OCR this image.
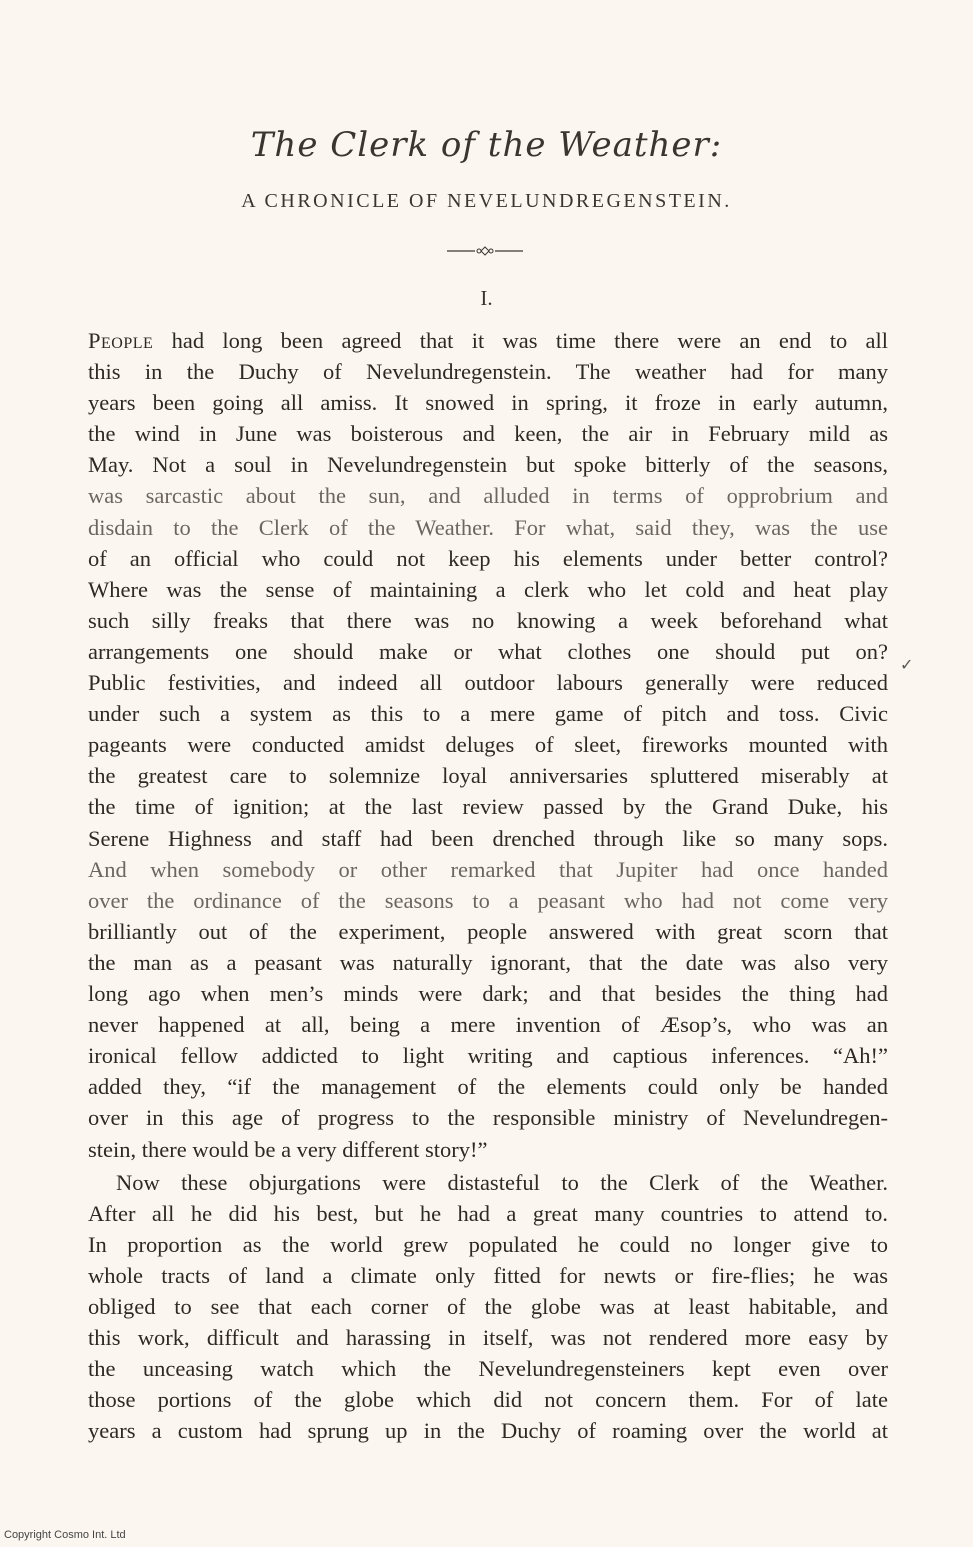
The Clerk of the Weather:
A CHRONICLE OF NEVELUNDREGENSTEIN.
I.
People had long been agreed that it was time there were an end to all
this in the Duchy of Nevelundregenstein. The weather had for many
years been going all amiss. It snowed in spring, it froze in early autumn,
the wind in June was boisterous and keen, the air in February mild as
May. Not a soul in Nevelundregenstein but spoke bitterly of the seasons,
was sarcastic about the sun, and alluded in terms of opprobrium and
disdain to the Clerk of the Weather. For what, said they, was the use
of an official who could not keep his elements under better control?
Where was the sense of maintaining a clerk who let cold and heat play
such silly freaks that there was no knowing a week beforehand what
arrangements one should make or what clothes one should put on?
Public festivities, and indeed all outdoor labours generally were reduced
under such a system as this to a mere game of pitch and toss. Civic
pageants were conducted amidst deluges of sleet, fireworks mounted with
the greatest care to solemnize loyal anniversaries spluttered miserably at
the time of ignition; at the last review passed by the Grand Duke, his
Serene Highness and staff had been drenched through like so many sops.
And when somebody or other remarked that Jupiter had once handed
over the ordinance of the seasons to a peasant who had not come very
brilliantly out of the experiment, people answered with great scorn that
the man as a peasant was naturally ignorant, that the date was also very
long ago when men’s minds were dark; and that besides the thing had
never happened at all, being a mere invention of Æsop’s, who was an
ironical fellow addicted to light writing and captious inferences. “Ah!”
added they, “if the management of the elements could only be handed
over in this age of progress to the responsible ministry of Nevelundregen-
stein, there would be a very different story!”
Now these objurgations were distasteful to the Clerk of the Weather.
After all he did his best, but he had a great many countries to attend to.
In proportion as the world grew populated he could no longer give to
whole tracts of land a climate only fitted for newts or fire-flies; he was
obliged to see that each corner of the globe was at least habitable, and
this work, difficult and harassing in itself, was not rendered more easy by
the unceasing watch which the Nevelundregensteiners kept even over
those portions of the globe which did not concern them. For of late
years a custom had sprung up in the Duchy of roaming over the world at
✓
Copyright Cosmo Int. Ltd
